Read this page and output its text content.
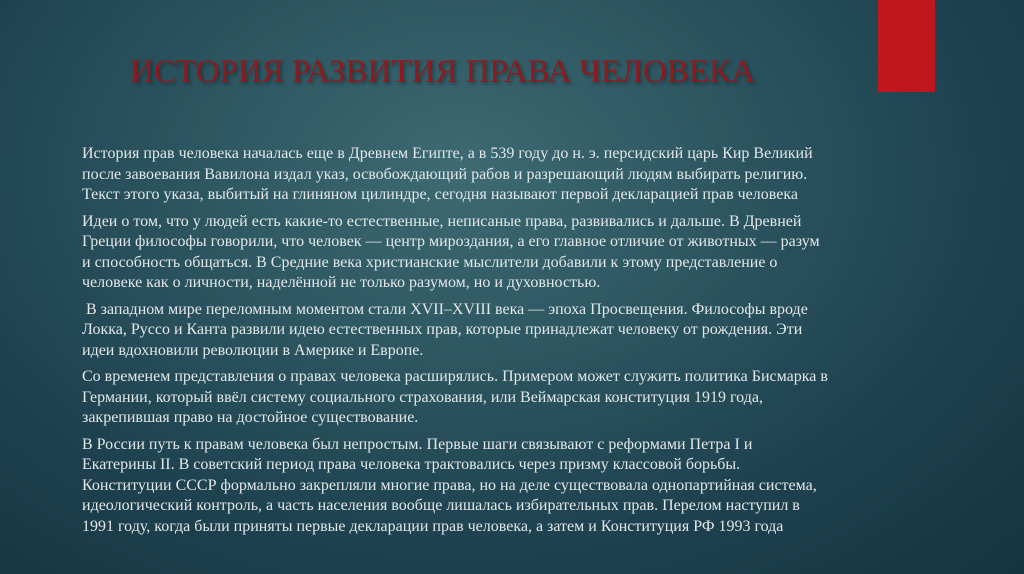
ИСТОРИЯ РАЗВИТИЯ ПРАВА ЧЕЛОВЕКА

История прав человека началась еще в Древнем Египте, а в 539 году до н. э. персидский царь Кир Великий
после завоевания Вавилона издал указ, освобождающий рабов и разрешающий людям выбирать религию.
Текст этого указа, выбитый на глиняном цилиндре, сегодня называют первой декларацией прав человека

Идеи о том, что у людей есть какие-то естественные, неписаные права, развивались и дальше. В Древней
Греции философы говорили, что человек — центр мироздания, а его главное отличие от животных — разум
и способность общаться. В Средние века христианские мыслители добавили к этому представление о
человеке как о личности, наделённой не только разумом, но и духовностью.

В западном мире переломным моментом стали XVII–XVIII века — эпоха Просвещения. Философы вроде
Локка, Руссо и Канта развили идею естественных прав, которые принадлежат человеку от рождения. Эти
идеи вдохновили революции в Америке и Европе.

Со временем представления о правах человека расширялись. Примером может служить политика Бисмарка в
Германии, который ввёл систему социального страхования, или Веймарская конституция 1919 года,
закрепившая право на достойное существование.

В России путь к правам человека был непростым. Первые шаги связывают с реформами Петра I и
Екатерины II. В советский период права человека трактовались через призму классовой борьбы.
Конституции СССР формально закрепляли многие права, но на деле существовала однопартийная система,
идеологический контроль, а часть населения вообще лишалась избирательных прав. Перелом наступил в
1991 году, когда были приняты первые декларации прав человека, а затем и Конституция РФ 1993 года
